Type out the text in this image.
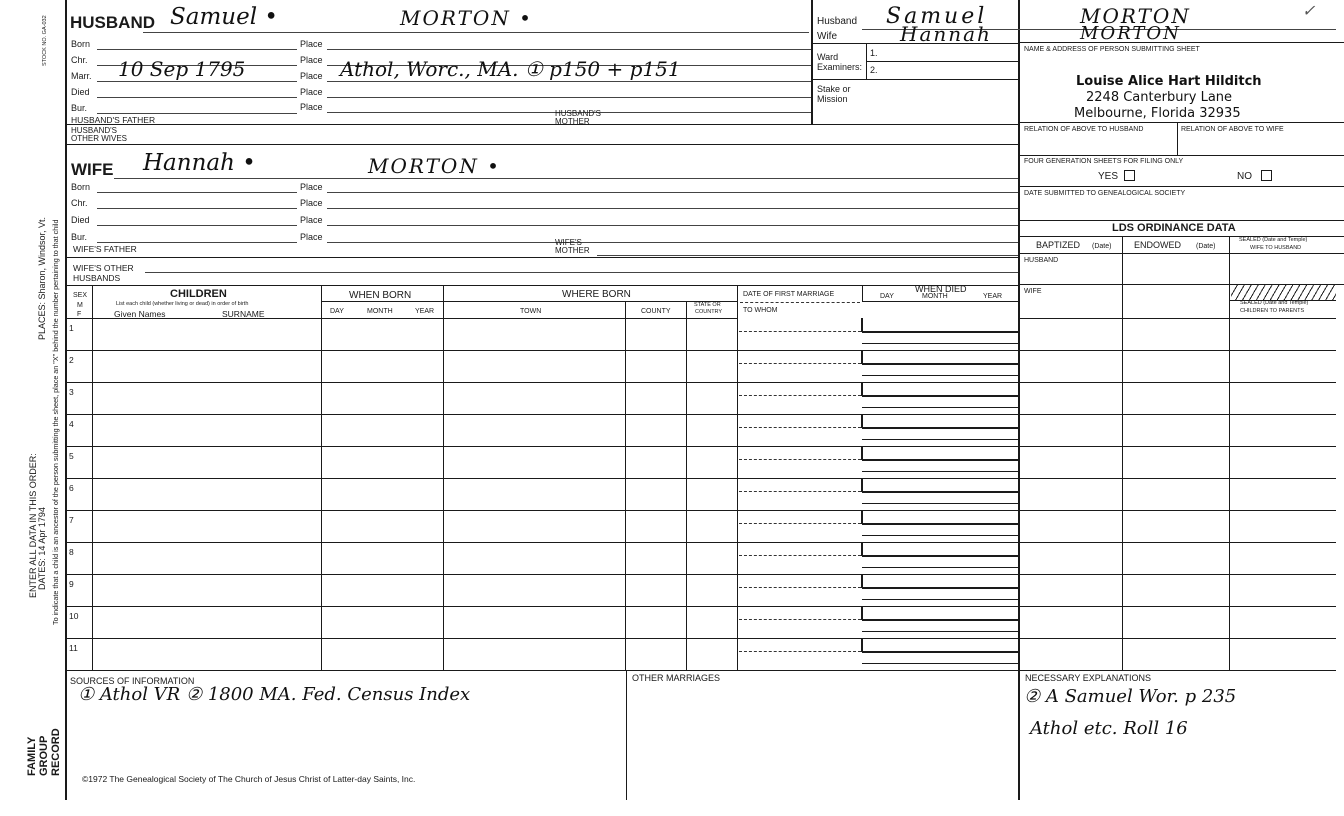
STOCK NO. GA-032
To indicate that a child is an ancestor of the person submitting the sheet, place an "X" behind the number pertaining to that child
PLACES: Sharon, Windsor, Vt.
ENTER ALL DATA IN THIS ORDER: DATES: 14 Apr 1794
FAMILY GROUP RECORD
HUSBAND Samuel •	MORTON •
Born	Place
Chr.	Place
Marr. 10 Sep 1795	Place Athol, Worc., MA. ① p150 + p151
Died	Place
Bur.	Place
HUSBAND'S FATHER
HUSBAND'S
MOTHER
HUSBAND'S
OTHER WIVES
WIFE Hannah •	MORTON •
Born	Place
Chr.	Place
Died	Place
Bur.	Place
WIFE'S FATHER
WIFE'S
MOTHER
WIFE'S OTHER
HUSBANDS
Husband Samuel
Wife	Hannah
Ward
Examiners:
1.
2.
Stake or
Mission
MORTON
MORTON
✓
NAME & ADDRESS OF PERSON SUBMITTING SHEET
Louise Alice Hart Hilditch
2248 Canterbury Lane
Melbourne, Florida 32935
RELATION OF ABOVE TO HUSBAND	RELATION OF ABOVE TO WIFE
FOUR GENERATION SHEETS FOR FILING ONLY
YES	NO
DATE SUBMITTED TO GENEALOGICAL SOCIETY
LDS ORDINANCE DATA
BAPTIZED (Date)	ENDOWED (Date)
SEALED (Date and Temple)
WIFE TO HUSBAND
HUSBAND
WIFE
SEALED (Date and Temple)
CHILDREN TO PARENTS
SEX
M
F
CHILDREN
List each child (whether living or dead) in order of birth
Given Names	SURNAME
WHEN BORN
DAY	MONTH	YEAR
WHERE BORN
TOWN	COUNTY
STATE OR
COUNTRY
DATE OF FIRST MARRIAGE
TO WHOM
WHEN DIED
DAY	MONTH	YEAR
1
2
3
4
5
6
7
8
9
10
11
SOURCES OF INFORMATION
① Athol VR ② 1800 MA. Fed. Census Index
OTHER MARRIAGES	NECESSARY EXPLANATIONS
② A Samuel Wor. p 235
Athol etc. Roll 16
©1972 The Genealogical Society of The Church of Jesus Christ of Latter-day Saints, Inc.
